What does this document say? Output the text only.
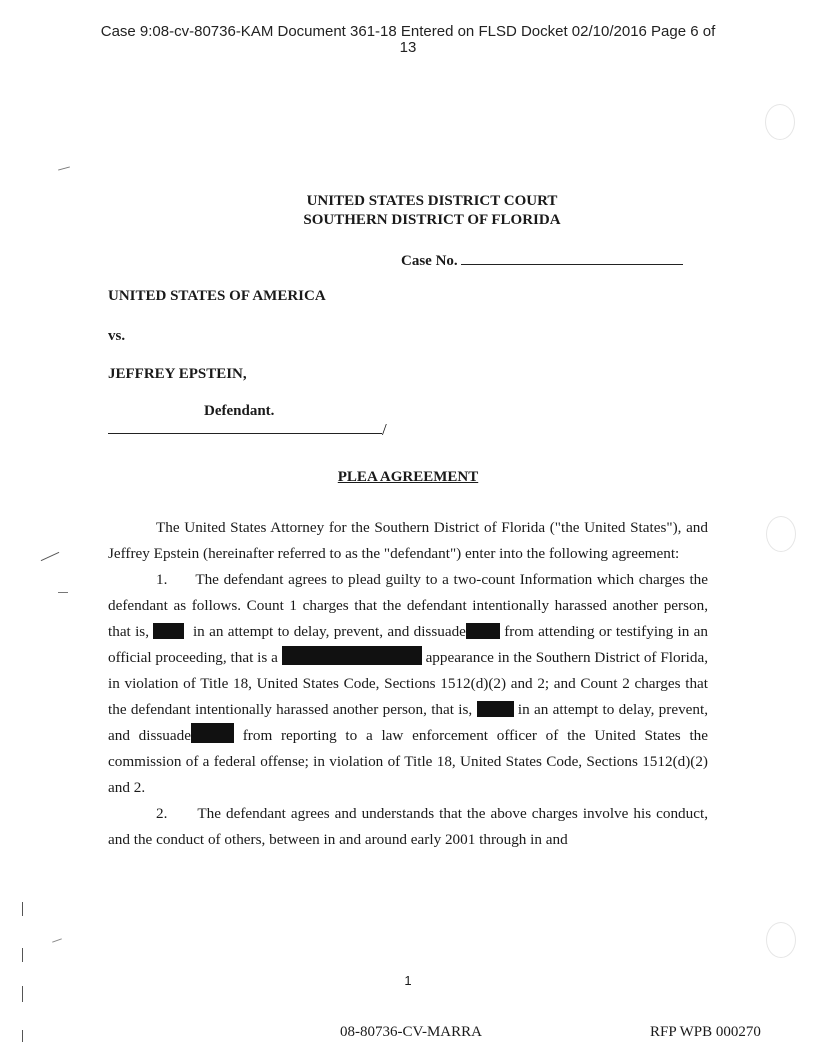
Case 9:08-cv-80736-KAM Document 361-18 Entered on FLSD Docket 02/10/2016 Page 6 of
13
UNITED STATES DISTRICT COURT
SOUTHERN DISTRICT OF FLORIDA
Case No.
UNITED STATES OF AMERICA
vs.
JEFFREY EPSTEIN,
Defendant.
/
PLEA AGREEMENT

The United States Attorney for the Southern District of Florida ("the United States"), and Jeffrey Epstein (hereinafter referred to as the "defendant") enter into the following agreement:

1. The defendant agrees to plead guilty to a two-count Information which charges the defendant as follows. Count 1 charges that the defendant intentionally harassed another person, that is,	in an attempt to delay, prevent, and dissuade	from attending or testifying in an official proceeding, that is a	appearance in the Southern District of Florida, in violation of Title 18, United States Code, Sections 1512(d)(2) and 2; and Count 2 charges that the defendant intentionally harassed another person, that is,	in an attempt to delay, prevent, and dissuade	from reporting to a law enforcement officer of the United States the commission of a federal offense; in violation of Title 18, United States Code, Sections 1512(d)(2) and 2.

2. The defendant agrees and understands that the above charges involve his conduct, and the conduct of others, between in and around early 2001 through in and

1
08-80736-CV-MARRA	RFP WPB 000270
